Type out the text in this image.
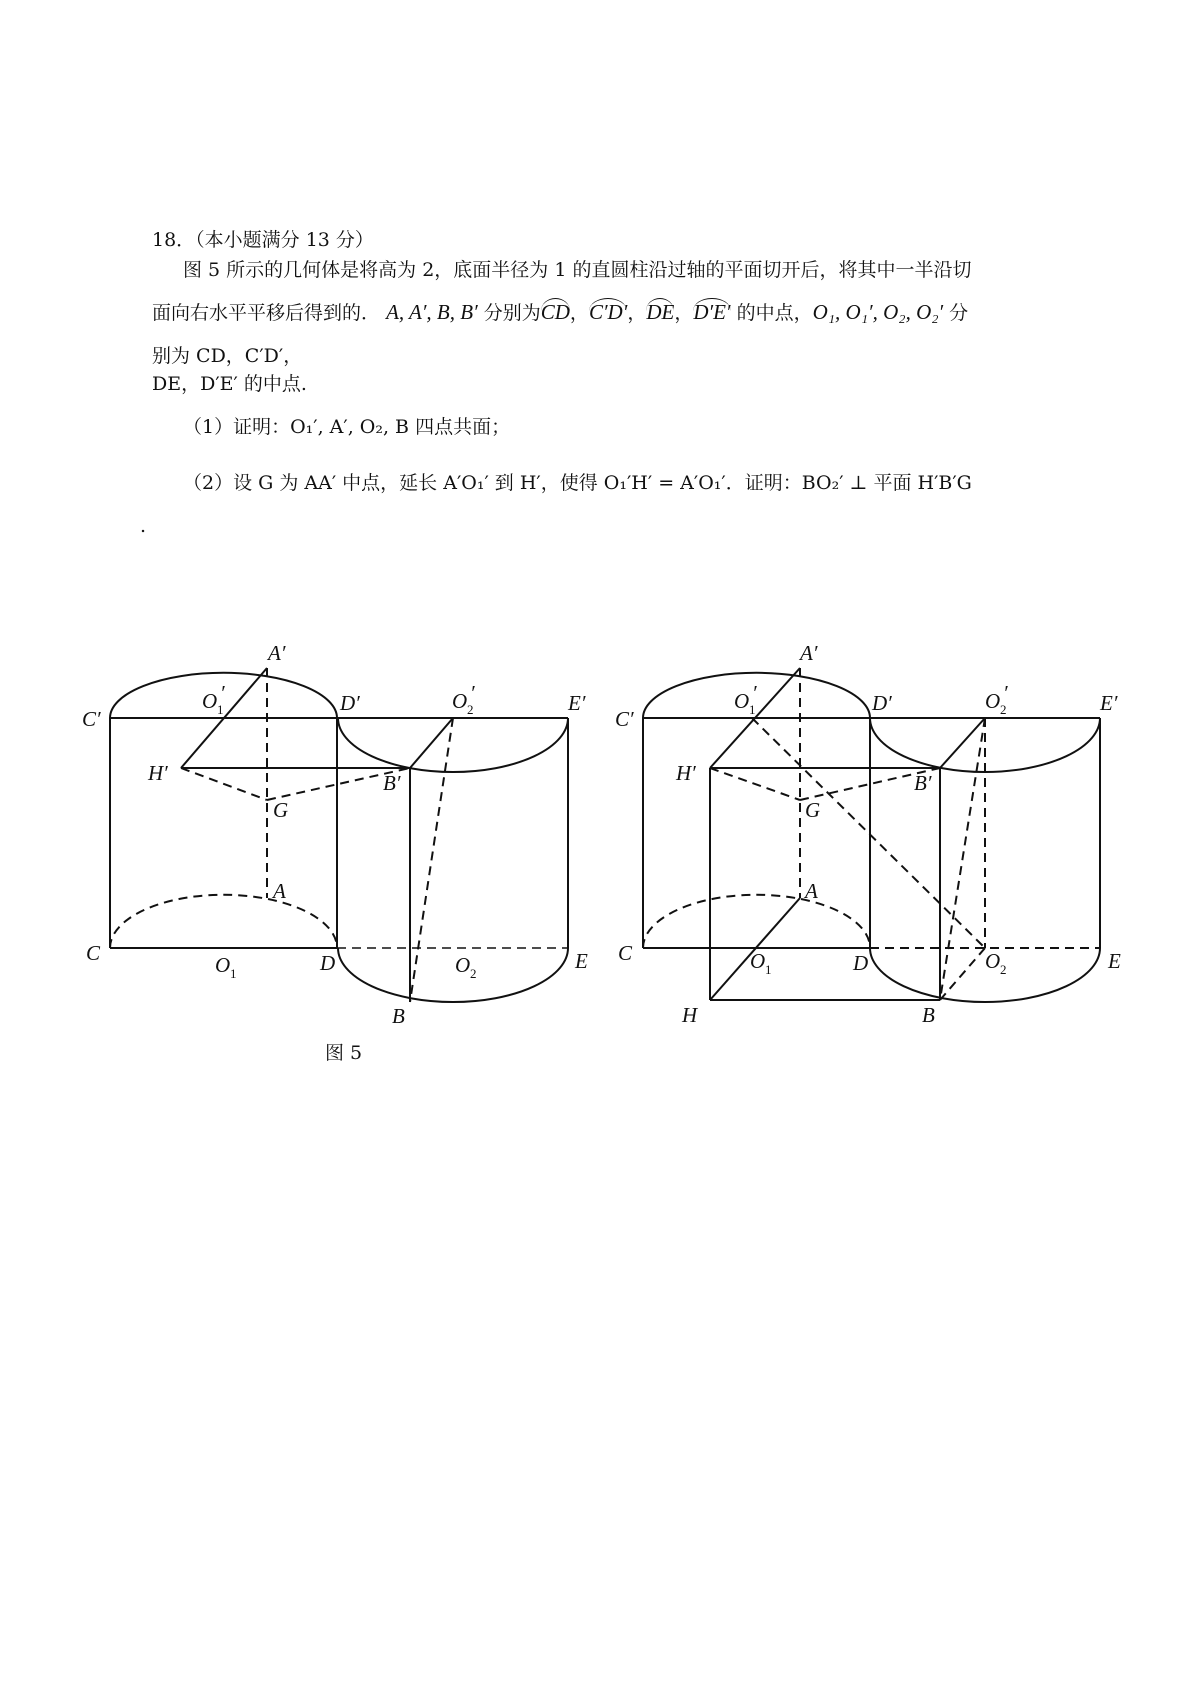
18．（本小题满分 13 分）
图 5 所示的几何体是将高为 2，底面半径为 1 的直圆柱沿过轴的平面切开后，将其中一半沿切
面向右水平平移后得到的． A, A′, B, B′ 分别为CD，C′D′，DE，D′E′ 的中点，O₁, O₁′, O₂, O₂′ 分
别为 CD，C′D′，
DE，D′E′ 的中点.
（1）证明：O₁′, A′, O₂, B 四点共面；
（2）设 G 为 AA′ 中点，延长 A′O₁′ 到 H′，使得 O₁′H′ = A′O₁′．证明：BO₂′ ⊥ 平面 H′B′G
.
A′
O 1
′	D′	O 2
′	E′
C′
H′	B′
G
A
C	O 1	D	O 2
E
B
A′
O 1
′	D′	O 2
′	E′
C′
H′	B′
G
A
C	O 1	D	O 2	E
H	B
图 5
